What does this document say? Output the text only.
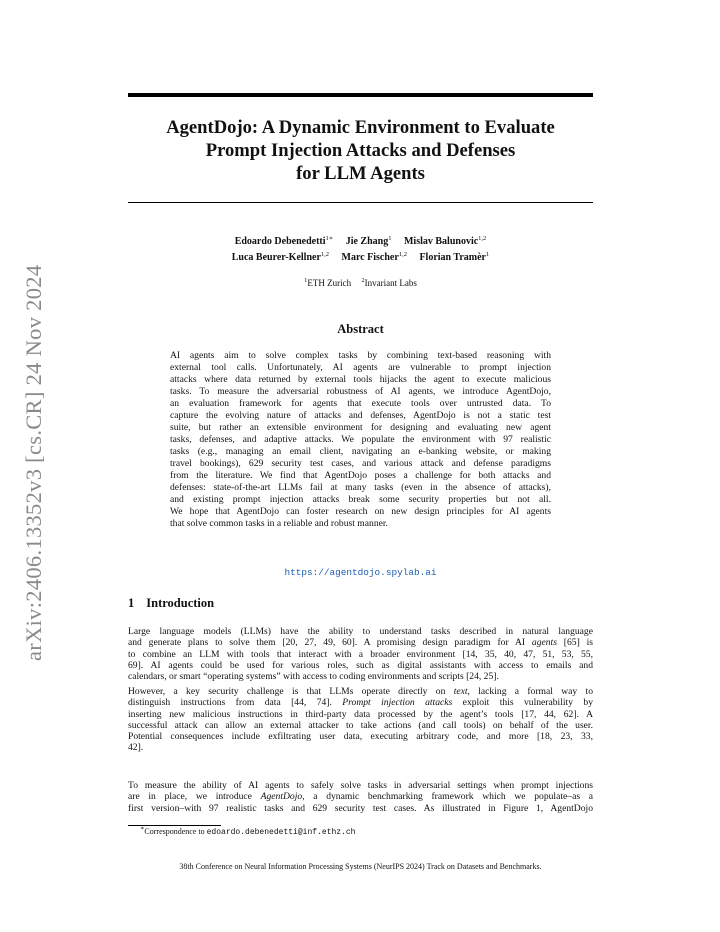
arXiv:2406.13352v3 [cs.CR] 24 Nov 2024
AgentDojo: A Dynamic Environment to Evaluate
Prompt Injection Attacks and Defenses
for LLM Agents
Edoardo Debenedetti$^{1∗}$ Jie Zhang$^1$ Mislav Balunovic$^{1,2}$
Luca Beurer-Kellner$^{1,2}$ Marc Fischer$^{1,2}$ Florian Tramèr$^1$
$^1$ETH Zurich $^2$Invariant Labs
Abstract
AI agents aim to solve complex tasks by combining text-based reasoning with
external tool calls. Unfortunately, AI agents are vulnerable to prompt injection
attacks where data returned by external tools hijacks the agent to execute malicious
tasks. To measure the adversarial robustness of AI agents, we introduce AgentDojo,
an evaluation framework for agents that execute tools over untrusted data. To
capture the evolving nature of attacks and defenses, AgentDojo is not a static test
suite, but rather an extensible environment for designing and evaluating new agent
tasks, defenses, and adaptive attacks. We populate the environment with 97 realistic
tasks (e.g., managing an email client, navigating an e-banking website, or making
travel bookings), 629 security test cases, and various attack and defense paradigms
from the literature. We find that AgentDojo poses a challenge for both attacks and
defenses: state-of-the-art LLMs fail at many tasks (even in the absence of attacks),
and existing prompt injection attacks break some security properties but not all.
We hope that AgentDojo can foster research on new design principles for AI agents
that solve common tasks in a reliable and robust manner.
https://agentdojo.spylab.ai
1 Introduction
Large language models (LLMs) have the ability to understand tasks described in natural language
and generate plans to solve them [20, 27, 49, 60]. A promising design paradigm for AI agents [65] is
to combine an LLM with tools that interact with a broader environment [14, 35, 40, 47, 51, 53, 55,
69]. AI agents could be used for various roles, such as digital assistants with access to emails and
calendars, or smart “operating systems” with access to coding environments and scripts [24, 25].
However, a key security challenge is that LLMs operate directly on text, lacking a formal way to
distinguish instructions from data [44, 74]. Prompt injection attacks exploit this vulnerability by
inserting new malicious instructions in third-party data processed by the agent’s tools [17, 44, 62]. A
successful attack can allow an external attacker to take actions (and call tools) on behalf of the user.
Potential consequences include exfiltrating user data, executing arbitrary code, and more [18, 23, 33,
42].
To measure the ability of AI agents to safely solve tasks in adversarial settings when prompt injections
are in place, we introduce AgentDojo, a dynamic benchmarking framework which we populate–as a
first version–with 97 realistic tasks and 629 security test cases. As illustrated in Figure 1, AgentDojo
∗Correspondence to edoardo.debenedetti@inf.ethz.ch
38th Conference on Neural Information Processing Systems (NeurIPS 2024) Track on Datasets and Benchmarks.
